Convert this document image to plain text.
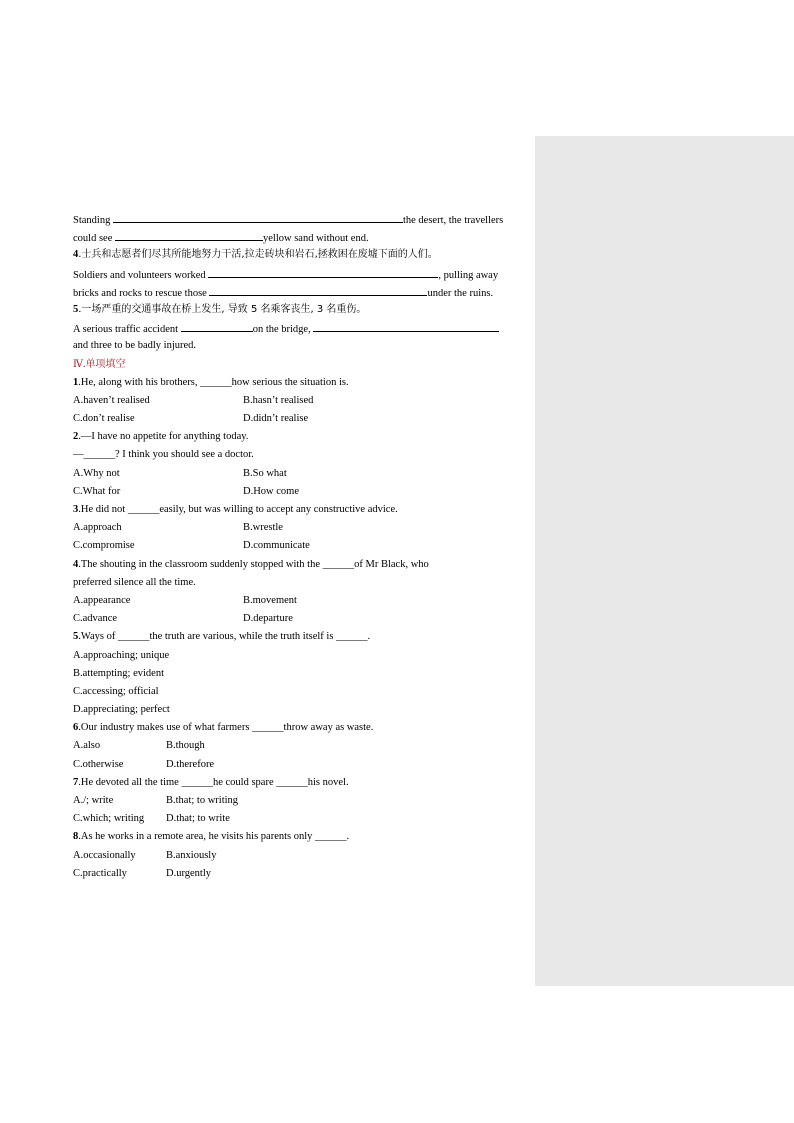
Standing	the desert, the travellers
could see	yellow sand without end.
4.士兵和志愿者们尽其所能地努力干活,拉走砖块和岩石,拯救困在废墟下面的人们。
Soldiers and volunteers worked	, pulling away
bricks and rocks to rescue those	under the ruins.
5.一场严重的交通事故在桥上发生, 导致 5 名乘客丧生, 3 名重伤。
A serious traffic accident	on the bridge,
and three to be badly injured.
Ⅳ.单项填空
1.He, along with his brothers, ______how serious the situation is.
A.haven’t realised	B.hasn’t realised
C.don’t realise	D.didn’t realise
2.—I have no appetite for anything today.
—______? I think you should see a doctor.
A.Why not	B.So what
C.What for	D.How come
3.He did not ______easily, but was willing to accept any constructive advice.
A.approach	B.wrestle
C.compromise	D.communicate
4.The shouting in the classroom suddenly stopped with the ______of Mr Black, who
preferred silence all the time.
A.appearance	B.movement
C.advance	D.departure
5.Ways of ______the truth are various, while the truth itself is ______.
A.approaching; unique
B.attempting; evident
C.accessing; official
D.appreciating; perfect
6.Our industry makes use of what farmers ______throw away as waste.
A.also	B.though
C.otherwise	D.therefore
7.He devoted all the time ______he could spare ______his novel.
A./; write	B.that; to writing
C.which; writing D.that; to write
8.As he works in a remote area, he visits his parents only ______.
A.occasionally	B.anxiously
C.practically	D.urgently
